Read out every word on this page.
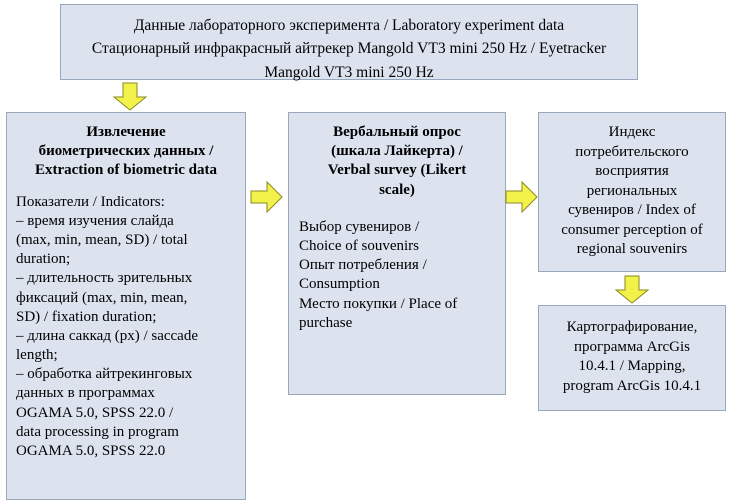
Данные лабораторного эксперимента / Laboratory experiment data
Стационарный инфракрасный айтрекер Mangold VT3 mini 250 Hz / Eyetracker
Mangold VT3 mini 250 Hz
Извлечение
биометрических данных /
Extraction of biometric data

Показатели / Indicators:

– время изучения слайда

(max, min, mean, SD) / total

duration;

– длительность зрительных

фиксаций (max, min, mean,

SD) / fixation duration;

– длина саккад (px) / saccade

length;

– обработка айтрекинговых

данных в программах

OGAMA 5.0, SPSS 22.0 /

data processing in program

OGAMA 5.0, SPSS 22.0

Вербальный опрос
(шкала Лайкерта) /
Verbal survey (Likert
scale)

Выбор сувениров /

Choice of souvenirs

Опыт потребления /

Consumption

Место покупки / Place of

purchase

Индекс
потребительского
восприятия
региональных
сувениров / Index of
consumer perception of
regional souvenirs
Картографирование,
программа ArcGis
10.4.1 / Mapping,
program ArcGis 10.4.1
